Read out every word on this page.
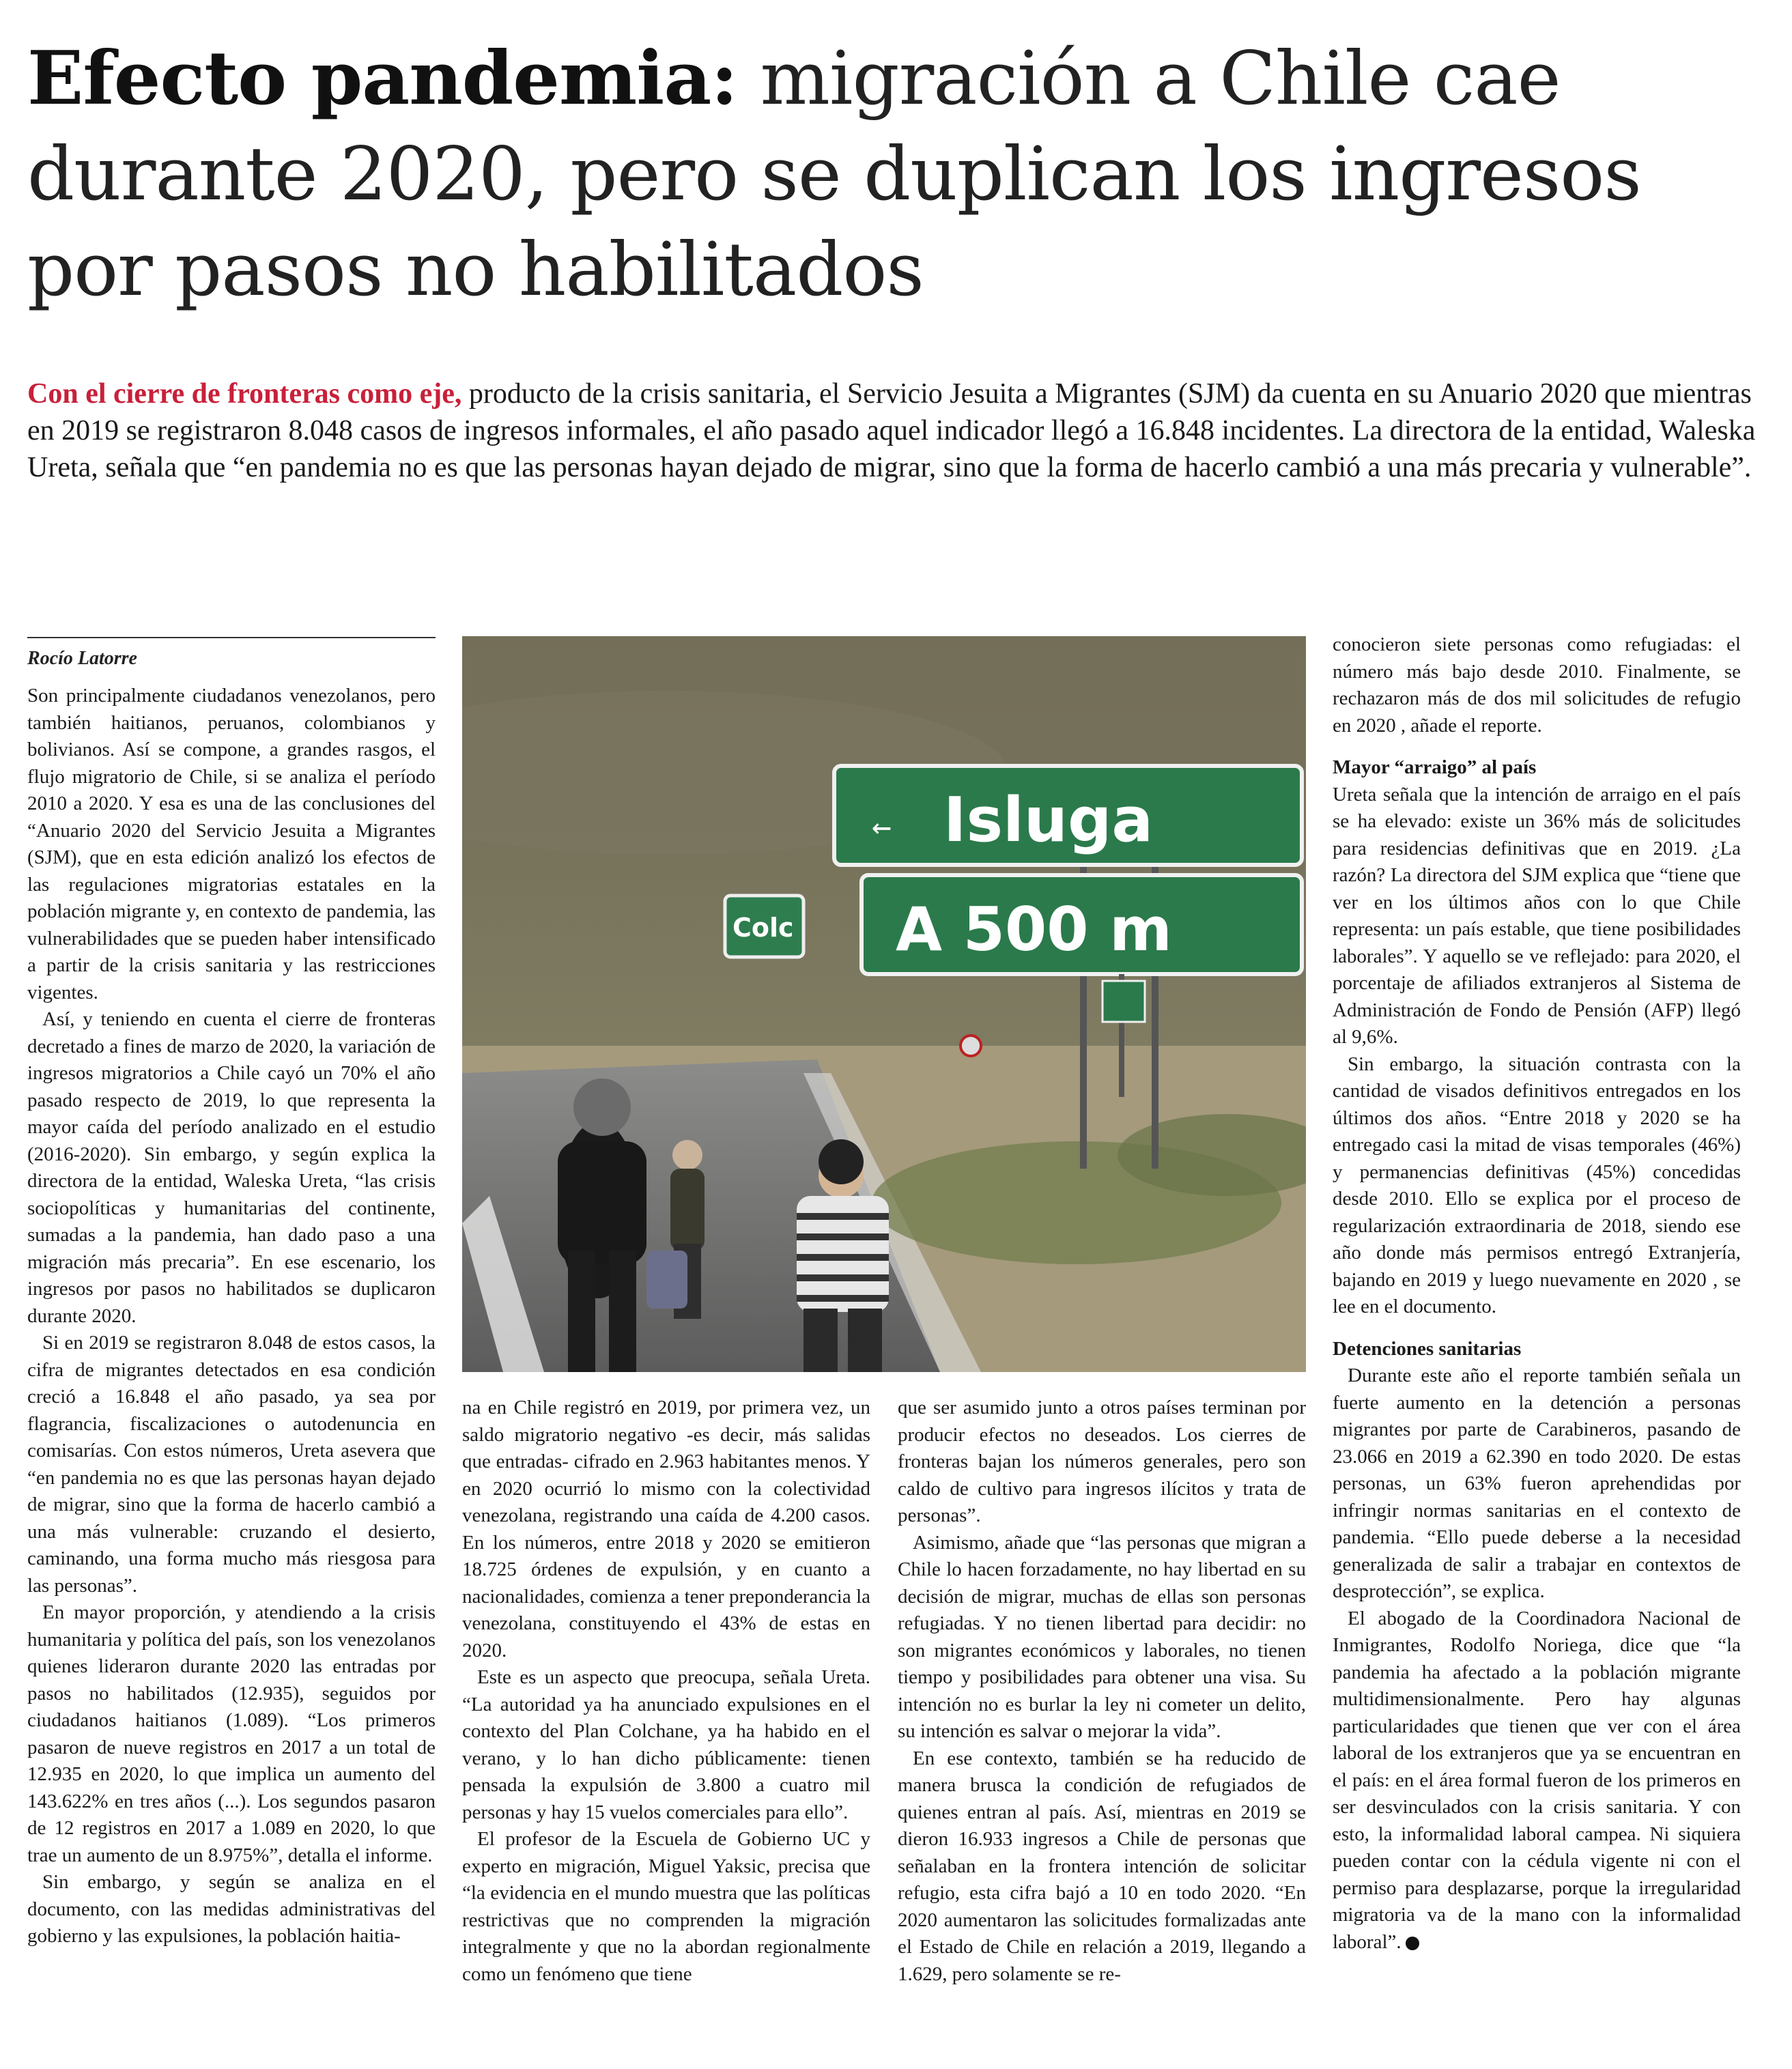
Efecto pandemia: migración a Chile cae durante 2020, pero se duplican los ingresos por pasos no habilitados

Con el cierre de fronteras como eje, producto de la crisis sanitaria, el Servicio Jesuita a Migrantes (SJM) da cuenta en su Anuario 2020 que mientras en 2019 se registraron 8.048 casos de ingresos informales, el año pasado aquel indicador llegó a 16.848 incidentes. La directora de la entidad, Waleska Ureta, señala que “en pandemia no es que las personas hayan dejado de migrar, sino que la forma de hacerlo cambió a una más precaria y vulnerable”.

Rocío Latorre

Son principalmente ciudadanos venezolanos, pero también haitianos, peruanos, colombianos y bolivianos. Así se compone, a grandes rasgos, el flujo migratorio de Chile, si se analiza el período 2010 a 2020. Y esa es una de las conclusiones del “Anuario 2020 del Servicio Jesuita a Migrantes (SJM), que en esta edición analizó los efectos de las regulaciones migratorias estatales en la población migrante y, en contexto de pandemia, las vulnerabilidades que se pueden haber intensificado a partir de la crisis sanitaria y las restricciones vigentes.

Así, y teniendo en cuenta el cierre de fronteras decretado a fines de marzo de 2020, la variación de ingresos migratorios a Chile cayó un 70% el año pasado respecto de 2019, lo que representa la mayor caída del período analizado en el estudio (2016-2020). Sin embargo, y según explica la directora de la entidad, Waleska Ureta, “las crisis sociopolíticas y humanitarias del continente, sumadas a la pandemia, han dado paso a una migración más precaria”. En ese escenario, los ingresos por pasos no habilitados se duplicaron durante 2020.

Si en 2019 se registraron 8.048 de estos casos, la cifra de migrantes detectados en esa condición creció a 16.848 el año pasado, ya sea por flagrancia, fiscalizaciones o autodenuncia en comisarías. Con estos números, Ureta asevera que “en pandemia no es que las personas hayan dejado de migrar, sino que la forma de hacerlo cambió a una más vulnerable: cruzando el desierto, caminando, una forma mucho más riesgosa para las personas”.

En mayor proporción, y atendiendo a la crisis humanitaria y política del país, son los venezolanos quienes lideraron durante 2020 las entradas por pasos no habilitados (12.935), seguidos por ciudadanos haitianos (1.089). “Los primeros pasaron de nueve registros en 2017 a un total de 12.935 en 2020, lo que implica un aumento del 143.622% en tres años (...). Los segundos pasaron de 12 registros en 2017 a 1.089 en 2020, lo que trae un aumento de un 8.975%”, detalla el informe.

Sin embargo, y según se analiza en el documento, con las medidas administrativas del gobierno y las expulsiones, la población haitia-

Colc
← Isluga
A 500 m

na en Chile registró en 2019, por primera vez, un saldo migratorio negativo -es decir, más salidas que entradas- cifrado en 2.963 habitantes menos. Y en 2020 ocurrió lo mismo con la colectividad venezolana, registrando una caída de 4.200 casos. En los números, entre 2018 y 2020 se emitieron 18.725 órdenes de expulsión, y en cuanto a nacionalidades, comienza a tener preponderancia la venezolana, constituyendo el 43% de estas en 2020.

Este es un aspecto que preocupa, señala Ureta. “La autoridad ya ha anunciado expulsiones en el contexto del Plan Colchane, ya ha habido en el verano, y lo han dicho públicamente: tienen pensada la expulsión de 3.800 a cuatro mil personas y hay 15 vuelos comerciales para ello”.

El profesor de la Escuela de Gobierno UC y experto en migración, Miguel Yaksic, precisa que “la evidencia en el mundo muestra que las políticas restrictivas que no comprenden la migración integralmente y que no la abordan regionalmente como un fenómeno que tiene

que ser asumido junto a otros países terminan por producir efectos no deseados. Los cierres de fronteras bajan los números generales, pero son caldo de cultivo para ingresos ilícitos y trata de personas”.

Asimismo, añade que “las personas que migran a Chile lo hacen forzadamente, no hay libertad en su decisión de migrar, muchas de ellas son personas refugiadas. Y no tienen libertad para decidir: no son migrantes económicos y laborales, no tienen tiempo y posibilidades para obtener una visa. Su intención no es burlar la ley ni cometer un delito, su intención es salvar o mejorar la vida”.

En ese contexto, también se ha reducido de manera brusca la condición de refugiados de quienes entran al país. Así, mientras en 2019 se dieron 16.933 ingresos a Chile de personas que señalaban en la frontera intención de solicitar refugio, esta cifra bajó a 10 en todo 2020. “En 2020 aumentaron las solicitudes formalizadas ante el Estado de Chile en relación a 2019, llegando a 1.629, pero solamente se re-

conocieron siete personas como refugiadas: el número más bajo desde 2010. Finalmente, se rechazaron más de dos mil solicitudes de refugio en 2020 , añade el reporte.

Mayor “arraigo” al país

Ureta señala que la intención de arraigo en el país se ha elevado: existe un 36% más de solicitudes para residencias definitivas que en 2019. ¿La razón? La directora del SJM explica que “tiene que ver en los últimos años con lo que Chile representa: un país estable, que tiene posibilidades laborales”. Y aquello se ve reflejado: para 2020, el porcentaje de afiliados extranjeros al Sistema de Administración de Fondo de Pensión (AFP) llegó al 9,6%.

Sin embargo, la situación contrasta con la cantidad de visados definitivos entregados en los últimos dos años. “Entre 2018 y 2020 se ha entregado casi la mitad de visas temporales (46%) y permanencias definitivas (45%) concedidas desde 2010. Ello se explica por el proceso de regularización extraordinaria de 2018, siendo ese año donde más permisos entregó Extranjería, bajando en 2019 y luego nuevamente en 2020 , se lee en el documento.

Detenciones sanitarias

Durante este año el reporte también señala un fuerte aumento en la detención a personas migrantes por parte de Carabineros, pasando de 23.066 en 2019 a 62.390 en todo 2020. De estas personas, un 63% fueron aprehendidas por infringir normas sanitarias en el contexto de pandemia. “Ello puede deberse a la necesidad generalizada de salir a trabajar en contextos de desprotección”, se explica.

El abogado de la Coordinadora Nacional de Inmigrantes, Rodolfo Noriega, dice que “la pandemia ha afectado a la población migrante multidimensionalmente. Pero hay algunas particularidades que tienen que ver con el área laboral de los extranjeros que ya se encuentran en el país: en el área formal fueron de los primeros en ser desvinculados con la crisis sanitaria. Y con esto, la informalidad laboral campea. Ni siquiera pueden contar con la cédula vigente ni con el permiso para desplazarse, porque la irregularidad migratoria va de la mano con la informalidad laboral”.
